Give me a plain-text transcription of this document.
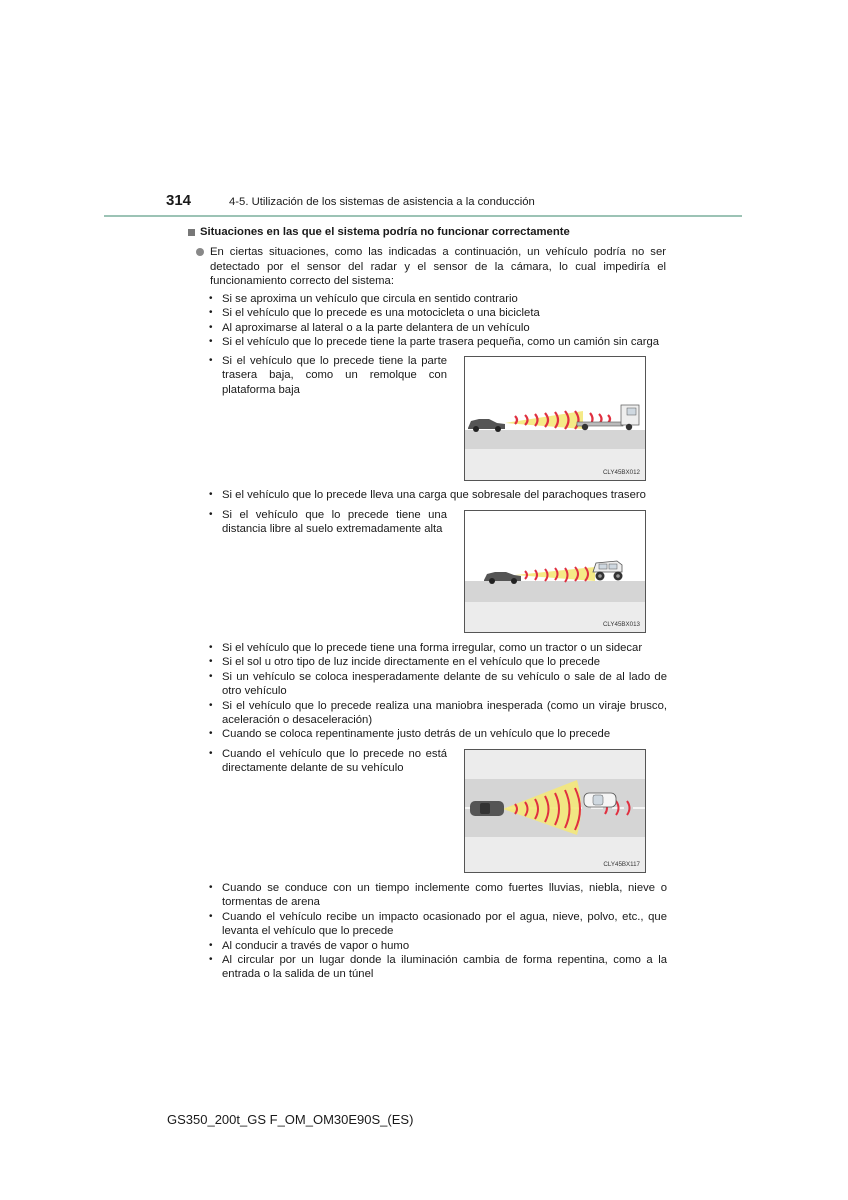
314	4-5. Utilización de los sistemas de asistencia a la conducción
Situaciones en las que el sistema podría no funcionar correctamente
En ciertas situaciones, como las indicadas a continuación, un vehículo podría no ser detectado por el sensor del radar y el sensor de la cámara, lo cual impediría el funcionamiento correcto del sistema:
• Si se aproxima un vehículo que circula en sentido contrario
• Si el vehículo que lo precede es una motocicleta o una bicicleta
• Al aproximarse al lateral o a la parte delantera de un vehículo
• Si el vehículo que lo precede tiene la parte trasera pequeña, como un camión sin carga
• Si el vehículo que lo precede tiene la parte trasera baja, como un remolque con plataforma baja
CLY45BX012
• Si el vehículo que lo precede lleva una carga que sobresale del parachoques trasero
• Si el vehículo que lo precede tiene una distancia libre al suelo extremadamente alta
CLY45BX013
• Si el vehículo que lo precede tiene una forma irregular, como un tractor o un sidecar
• Si el sol u otro tipo de luz incide directamente en el vehículo que lo precede
• Si un vehículo se coloca inesperadamente delante de su vehículo o sale de al lado de otro vehículo
• Si el vehículo que lo precede realiza una maniobra inesperada (como un viraje brusco, aceleración o desaceleración)
• Cuando se coloca repentinamente justo detrás de un vehículo que lo precede
• Cuando el vehículo que lo precede no está directamente delante de su vehículo
CLY45BX117
• Cuando se conduce con un tiempo inclemente como fuertes lluvias, niebla, nieve o tormentas de arena
• Cuando el vehículo recibe un impacto ocasionado por el agua, nieve, polvo, etc., que levanta el vehículo que lo precede
• Al conducir a través de vapor o humo
• Al circular por un lugar donde la iluminación cambia de forma repentina, como a la entrada o la salida de un túnel
GS350_200t_GS F_OM_OM30E90S_(ES)
